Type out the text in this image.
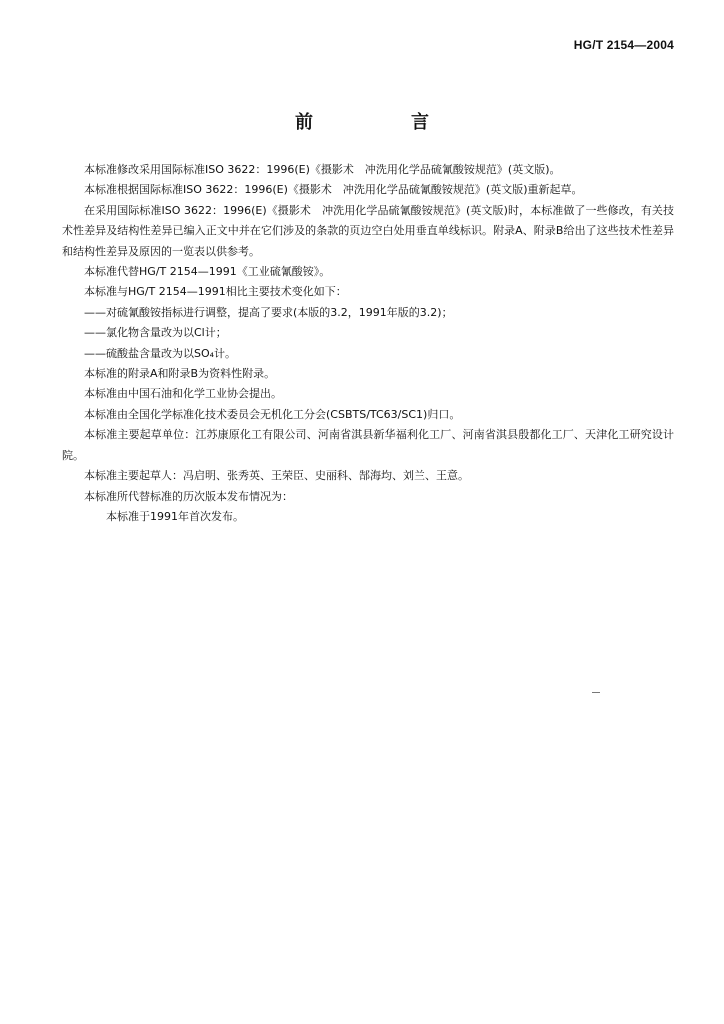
HG/T 2154—2004
前　言

本标准修改采用国际标准ISO 3622：1996(E)《摄影术　冲洗用化学品硫氰酸铵规范》(英文版)。

本标准根据国际标准ISO 3622：1996(E)《摄影术　冲洗用化学品硫氰酸铵规范》(英文版)重新起草。

在采用国际标准ISO 3622：1996(E)《摄影术　冲洗用化学品硫氰酸铵规范》(英文版)时，本标准做了一些修改，有关技术性差异及结构性差异已编入正文中并在它们涉及的条款的页边空白处用垂直单线标识。附录A、附录B给出了这些技术性差异和结构性差异及原因的一览表以供参考。

本标准代替HG/T 2154—1991《工业硫氰酸铵》。

本标准与HG/T 2154—1991相比主要技术变化如下：

——对硫氰酸铵指标进行调整，提高了要求(本版的3.2，1991年版的3.2)；

——氯化物含量改为以Cl计；

——硫酸盐含量改为以SO₄计。

本标准的附录A和附录B为资料性附录。

本标准由中国石油和化学工业协会提出。

本标准由全国化学标准化技术委员会无机化工分会(CSBTS/TC63/SC1)归口。

本标准主要起草单位：江苏康原化工有限公司、河南省淇县新华福利化工厂、河南省淇县殷都化工厂、天津化工研究设计院。

本标准主要起草人：冯启明、张秀英、王荣臣、史丽科、郜海均、刘兰、王意。

本标准所代替标准的历次版本发布情况为：

本标准于1991年首次发布。
